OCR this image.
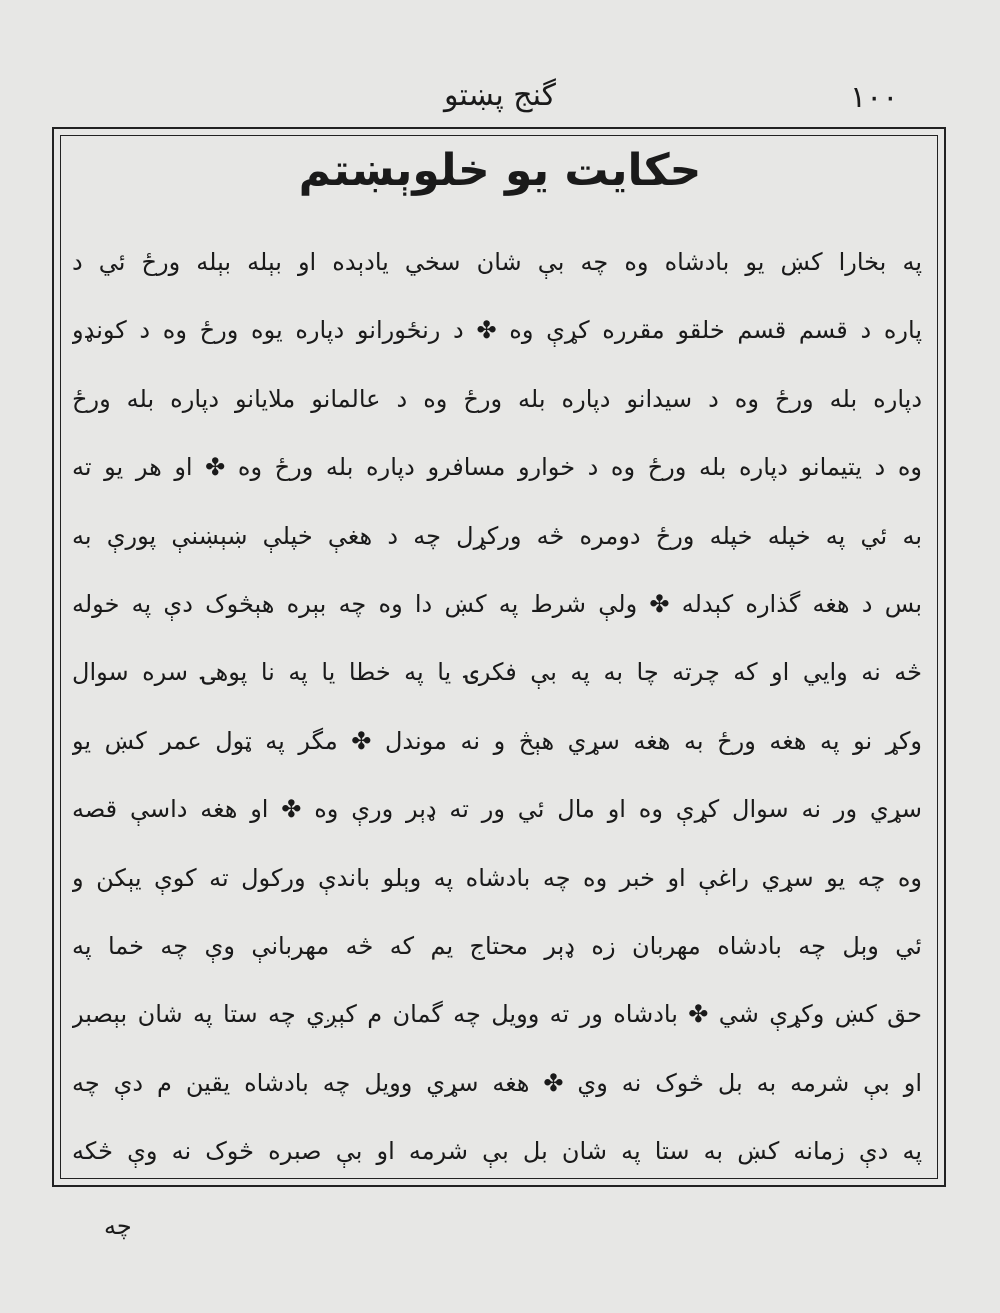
۱۰۰
گنج پښتو
حکایت یو خلوېښتم
په بخارا کښ یو بادشاه وه چه بې شان سخي یادېده او بېله بېله ورځ ئي د
پاره د قسم قسم خلقو مقرره کړې وه ✤ د رنځورانو دپاره یوه ورځ وه د کونډو
دپاره بله ورځ وه د سیدانو دپاره بله ورځ وه د عالمانو ملایانو دپاره بله ورځ
وه د یتیمانو دپاره بله ورځ وه د خوارو مسافرو دپاره بله ورځ وه ✤ او هر یو ته
به ئي په خپله خپله ورځ دومره څه ورکړل چه د هغې خپلې ښېښنې پورې به
بس د هغه گذاره کېدله ✤ ولې شرط په کښ دا وه چه بېره هېڅوک دې په خوله
څه نه وایي او که چرته چا به په بې فکرۍ یا په خطا یا په نا پوهۍ سره سوال
وکړ نو په هغه ورځ به هغه سړي هېڅ و نه موندل ✤ مگر په ټول عمر کښ یو
سړي ور نه سوال کړې وه او مال ئي ور ته ډېر ورې وه ✤ او هغه داسې قصه
وه چه یو سړي راغې او خبر وه چه بادشاه په وېلو باندې ورکول ته کوې یېکن و
ئي وېل چه بادشاه مهربان زه ډېر محتاج یم که څه مهربانې وې چه خما په
حق کښ وکړې شي ✤ بادشاه ور ته وویل چه گمان م کېږي چه ستا په شان بېصبر
او بې شرمه به بل څوک نه وي ✤ هغه سړي وویل چه بادشاه یقین م دې چه
په دې زمانه کښ به ستا په شان بل بې شرمه او بې صبره څوک نه وې څکه
چه
